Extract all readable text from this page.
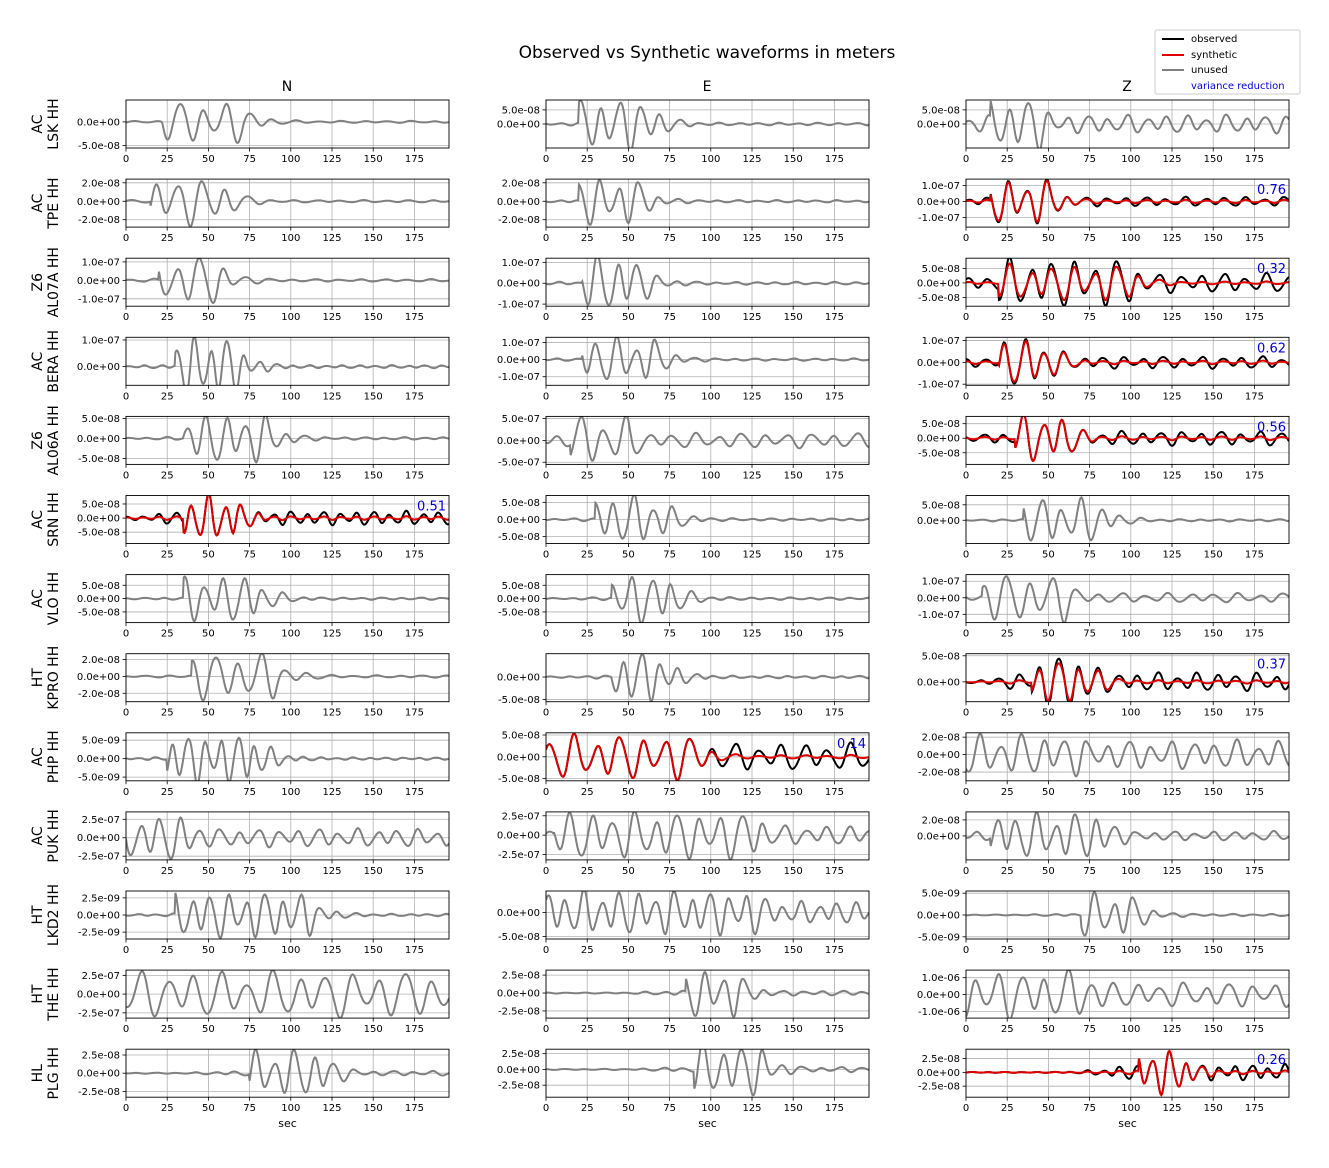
Observed vs Synthetic waveforms in meters
N	E	Z
AC LSK HH
0	25	50	75	100 125 150 175
0.0e+00
-5.0e-08
0	25	50	75	100 125 150 175
5.0e-08
0.0e+00
0	25	50	75	100 125 150 175
5.0e-08
0.0e+00
AC TPE HH
0	25	50	75	100 125 150 175
2.0e-08
0.0e+00
-2.0e-08
0	25	50	75	100 125 150 175
2.0e-08
0.0e+00
-2.0e-08
0	25	50	75	100 125 150 175
1.0e-07
0.0e+00
-1.0e-07
0.76
Z6 AL07A HH
0	25	50	75	100 125 150 175
1.0e-07
0.0e+00
-1.0e-07
0	25	50	75	100 125 150 175
1.0e-07
0.0e+00
-1.0e-07
0	25	50	75	100 125 150 175
5.0e-08
0.0e+00
-5.0e-08
0.32
AC BERA HH
0	25	50	75	100 125 150 175
1.0e-07
0.0e+00
0	25	50	75	100 125 150 175
1.0e-07
0.0e+00
-1.0e-07
0	25	50	75	100 125 150 175
1.0e-07
0.0e+00
-1.0e-07
0.62
Z6 AL06A HH
0	25	50	75	100 125 150 175
5.0e-08
0.0e+00
-5.0e-08
0	25	50	75	100 125 150 175
5.0e-07
0.0e+00
-5.0e-07
0	25	50	75	100 125 150 175
5.0e-08
0.0e+00
-5.0e-08
0.56
AC SRN HH
0	25	50	75	100 125 150 175
5.0e-08
0.0e+00
-5.0e-08
0.51
0	25	50	75	100 125 150 175
5.0e-08
0.0e+00
-5.0e-08
0	25	50	75	100 125 150 175
5.0e-08
0.0e+00
AC VLO HH
0	25	50	75	100 125 150 175
5.0e-08
0.0e+00
-5.0e-08
0	25	50	75	100 125 150 175
5.0e-08
0.0e+00
-5.0e-08
0	25	50	75	100 125 150 175
1.0e-07
0.0e+00
-1.0e-07
HT KPRO HH
0	25	50	75	100 125 150 175
2.0e-08
0.0e+00
-2.0e-08
0	25	50	75	100 125 150 175
0.0e+00
-5.0e-08
0	25	50	75	100 125 150 175
5.0e-08
0.0e+00
0.37
AC PHP HH
0	25	50	75	100 125 150 175
5.0e-09
0.0e+00
-5.0e-09
0	25	50	75	100 125 150 175
5.0e-08
0.0e+00
-5.0e-08
0.14
0	25	50	75	100 125 150 175
2.0e-08
0.0e+00
-2.0e-08
AC PUK HH
0	25	50	75	100 125 150 175
2.5e-07
0.0e+00
-2.5e-07
0	25	50	75	100 125 150 175
2.5e-07
0.0e+00
-2.5e-07
0	25	50	75	100 125 150 175
2.0e-08
0.0e+00
HT LKD2 HH
0	25	50	75	100 125 150 175
2.5e-09
0.0e+00
-2.5e-09
0	25	50	75	100 125 150 175
0.0e+00
-5.0e-08
0	25	50	75	100 125 150 175
5.0e-09
0.0e+00
-5.0e-09
HT THE HH
0	25	50	75	100 125 150 175
2.5e-07
0.0e+00
-2.5e-07
0	25	50	75	100 125 150 175
2.5e-08
0.0e+00
-2.5e-08
0	25	50	75	100 125 150 175
1.0e-06
0.0e+00
-1.0e-06
HL PLG HH
0	25	50	75	100 125 150 175
2.5e-08
0.0e+00
-2.5e-08
0	25	50	75	100 125 150 175
2.5e-08
0.0e+00
-2.5e-08
0	25	50	75	100 125 150 175
2.5e-08
0.0e+00
-2.5e-08
0.26
sec	sec	sec
observed
synthetic
unused
variance reduction
